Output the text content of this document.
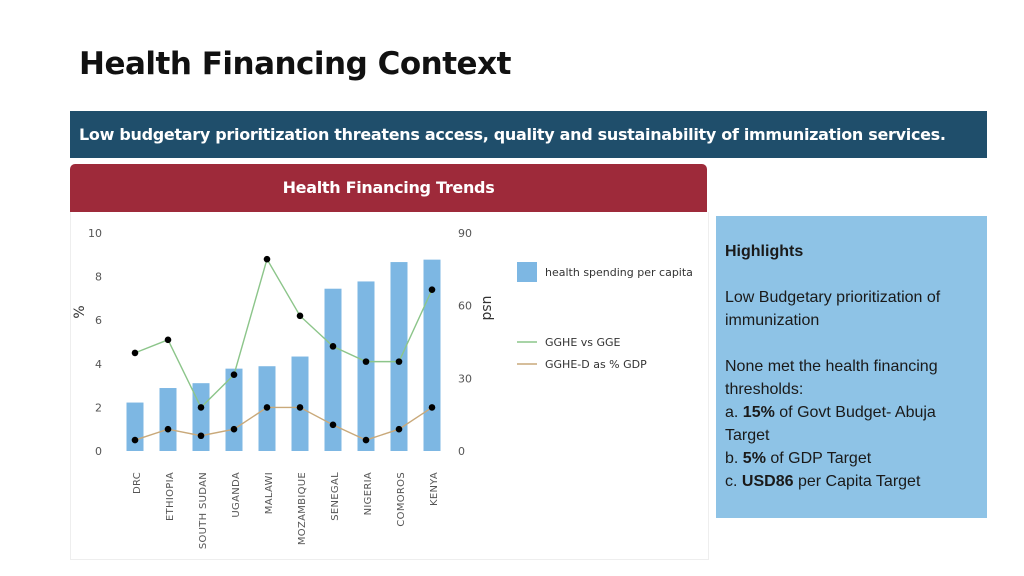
Health Financing Context
Low budgetary prioritization threatens access, quality and sustainability of immunization services.
Health Financing Trends
0
2
4
6
8
10
0
30
60
90
%	usd
DRC ETHIOPIA SOUTH SUDAN UGANDA MALAWI MOZAMBIQUE SENEGAL NIGERIA COMOROS KENYA
health spending per capita
GGHE vs GGE
GGHE-D as % GDP
Highlights
Low Budgetary prioritization of immunization
None met the health financing thresholds:
a. 15% of Govt Budget- Abuja Target
b. 5% of GDP Target
c. USD86 per Capita Target
